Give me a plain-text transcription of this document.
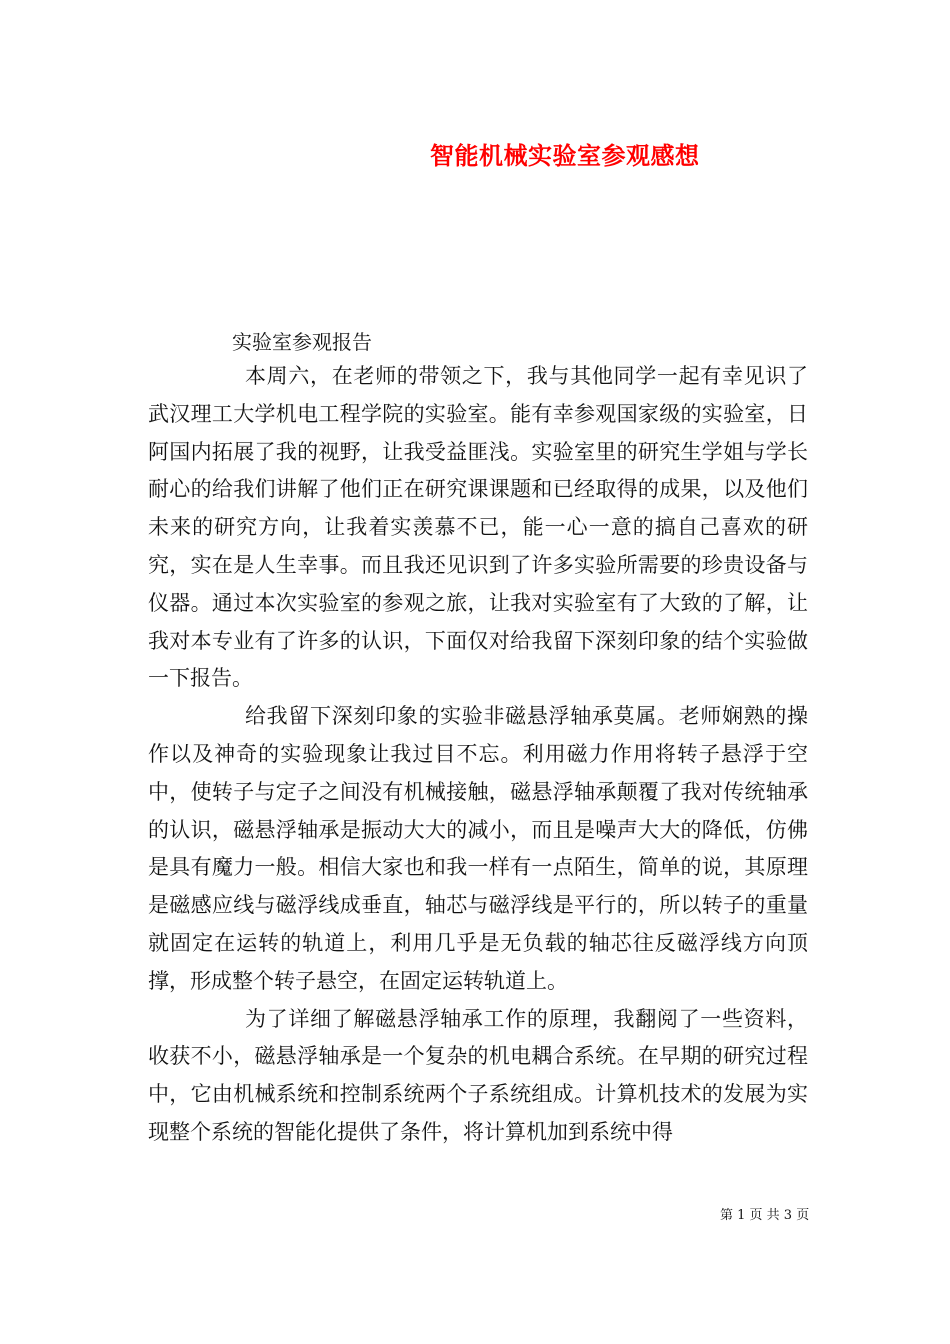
智能机械实验室参观感想
实验室参观报告

本周六，在老师的带领之下，我与其他同学一起有幸见识了武汉理工大学机电工程学院的实验室。能有幸参观国家级的实验室，日阿国内拓展了我的视野，让我受益匪浅。实验室里的研究生学姐与学长耐心的给我们讲解了他们正在研究课课题和已经取得的成果，以及他们未来的研究方向，让我着实羡慕不已，能一心一意的搞自己喜欢的研究，实在是人生幸事。而且我还见识到了许多实验所需要的珍贵设备与仪器。通过本次实验室的参观之旅，让我对实验室有了大致的了解，让我对本专业有了许多的认识，下面仅对给我留下深刻印象的结个实验做一下报告。

给我留下深刻印象的实验非磁悬浮轴承莫属。老师娴熟的操作以及神奇的实验现象让我过目不忘。利用磁力作用将转子悬浮于空中，使转子与定子之间没有机械接触，磁悬浮轴承颠覆了我对传统轴承的认识，磁悬浮轴承是振动大大的减小，而且是噪声大大的降低，仿佛是具有魔力一般。相信大家也和我一样有一点陌生，简单的说，其原理是磁感应线与磁浮线成垂直，轴芯与磁浮线是平行的，所以转子的重量就固定在运转的轨道上，利用几乎是无负载的轴芯往反磁浮线方向顶撑，形成整个转子悬空，在固定运转轨道上。

为了详细了解磁悬浮轴承工作的原理，我翻阅了一些资料，收获不小，磁悬浮轴承是一个复杂的机电耦合系统。在早期的研究过程中，它由机械系统和控制系统两个子系统组成。计算机技术的发展为实现整个系统的智能化提供了条件，将计算机加到系统中得

第 1 页 共 3 页
